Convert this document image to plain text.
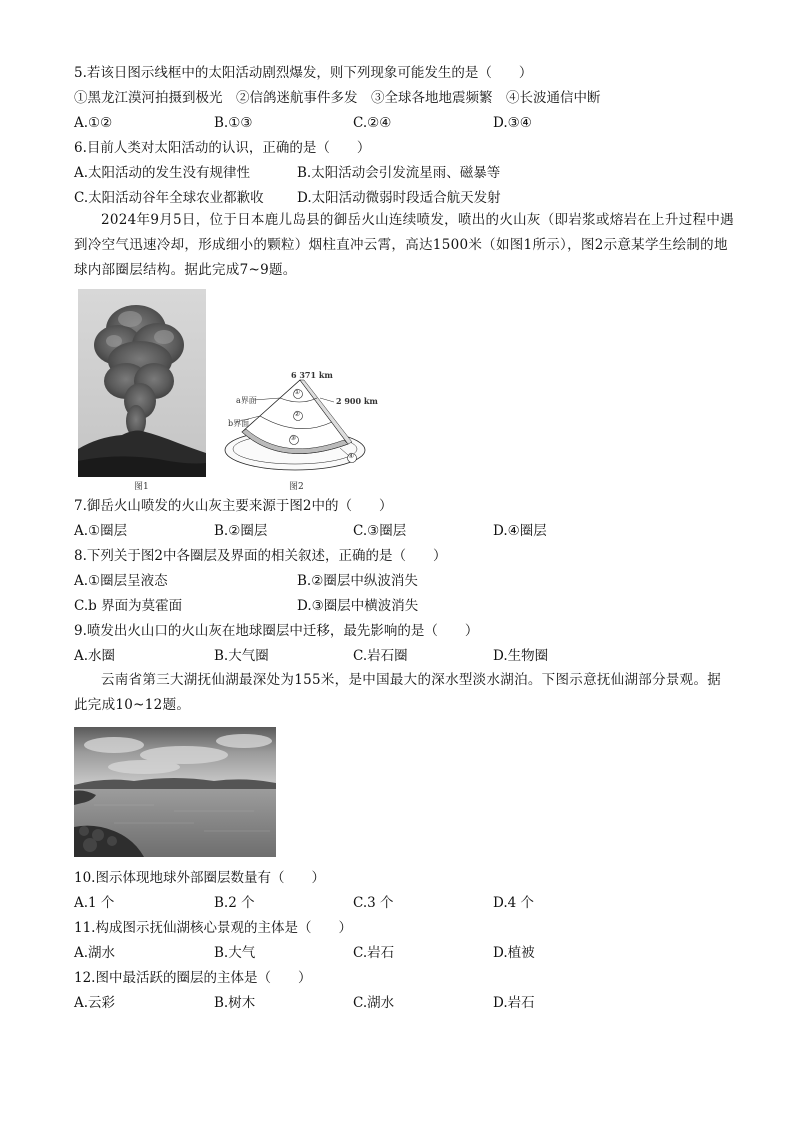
5.若该日图示线框中的太阳活动剧烈爆发，则下列现象可能发生的是（　　）
①黑龙江漠河拍摄到极光　②信鸽迷航事件多发　③全球各地地震频繁　④长波通信中断
A.①②	B.①③	C.②④	D.③④
6.目前人类对太阳活动的认识，正确的是（　　）
A.太阳活动的发生没有规律性	B.太阳活动会引发流星雨、磁暴等
C.太阳活动谷年全球农业都歉收 D.太阳活动微弱时段适合航天发射
2024年9月5日，位于日本鹿儿岛县的御岳火山连续喷发，喷出的火山灰（即岩浆或熔岩在上升过程中遇到冷空气迅速冷却，形成细小的颗粒）烟柱直冲云霄，高达1500米（如图1所示），图2示意某学生绘制的地球内部圈层结构。据此完成7~9题。
图1
6 371 km
2 900 km
a界面
b界面
①
②
③
④
图2
7.御岳火山喷发的火山灰主要来源于图2中的（　　）
A.①圈层	B.②圈层	C.③圈层	D.④圈层
8.下列关于图2中各圈层及界面的相关叙述，正确的是（　　）
A.①圈层呈液态	B.②圈层中纵波消失
C.b 界面为莫霍面	D.③圈层中横波消失
9.喷发出火山口的火山灰在地球圈层中迁移，最先影响的是（　　）
A.水圈	B.大气圈	C.岩石圈	D.生物圈
云南省第三大湖抚仙湖最深处为155米，是中国最大的深水型淡水湖泊。下图示意抚仙湖部分景观。据此完成10~12题。
10.图示体现地球外部圈层数量有（　　）
A.1 个	B.2 个	C.3 个	D.4 个
11.构成图示抚仙湖核心景观的主体是（　　）
A.湖水	B.大气	C.岩石	D.植被
12.图中最活跃的圈层的主体是（　　）
A.云彩	B.树木	C.湖水	D.岩石
